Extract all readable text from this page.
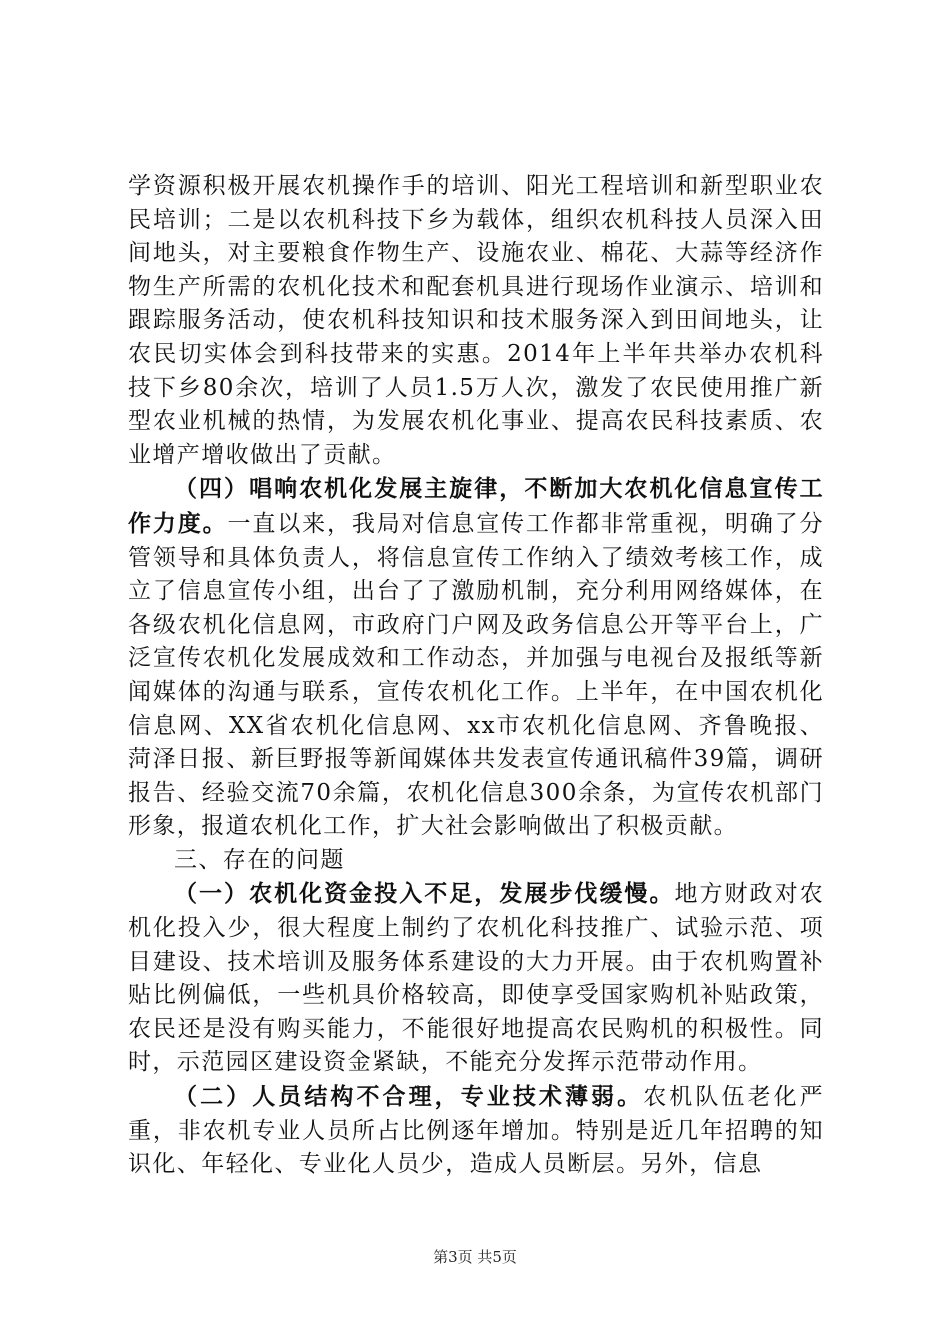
学资源积极开展农机操作手的培训、阳光工程培训和新型职业农民培训；二是以农机科技下乡为载体，组织农机科技人员深入田间地头，对主要粮食作物生产、设施农业、棉花、大蒜等经济作物生产所需的农机化技术和配套机具进行现场作业演示、培训和跟踪服务活动，使农机科技知识和技术服务深入到田间地头，让农民切实体会到科技带来的实惠。2014年上半年共举办农机科技下乡80余次，培训了人员1.5万人次，激发了农民使用推广新型农业机械的热情，为发展农机化事业、提高农民科技素质、农业增产增收做出了贡献。

（四）唱响农机化发展主旋律，不断加大农机化信息宣传工作力度。一直以来，我局对信息宣传工作都非常重视，明确了分管领导和具体负责人，将信息宣传工作纳入了绩效考核工作，成立了信息宣传小组，出台了了激励机制，充分利用网络媒体，在各级农机化信息网，市政府门户网及政务信息公开等平台上，广泛宣传农机化发展成效和工作动态，并加强与电视台及报纸等新闻媒体的沟通与联系，宣传农机化工作。上半年，在中国农机化信息网、XX省农机化信息网、xx市农机化信息网、齐鲁晚报、菏泽日报、新巨野报等新闻媒体共发表宣传通讯稿件39篇，调研报告、经验交流70余篇，农机化信息300余条，为宣传农机部门形象，报道农机化工作，扩大社会影响做出了积极贡献。

三、存在的问题

（一）农机化资金投入不足，发展步伐缓慢。地方财政对农机化投入少，很大程度上制约了农机化科技推广、试验示范、项目建设、技术培训及服务体系建设的大力开展。由于农机购置补贴比例偏低，一些机具价格较高，即使享受国家购机补贴政策，农民还是没有购买能力，不能很好地提高农民购机的积极性。同时，示范园区建设资金紧缺，不能充分发挥示范带动作用。

（二）人员结构不合理，专业技术薄弱。农机队伍老化严重，非农机专业人员所占比例逐年增加。特别是近几年招聘的知识化、年轻化、专业化人员少，造成人员断层。另外，信息

第3页 共5页
